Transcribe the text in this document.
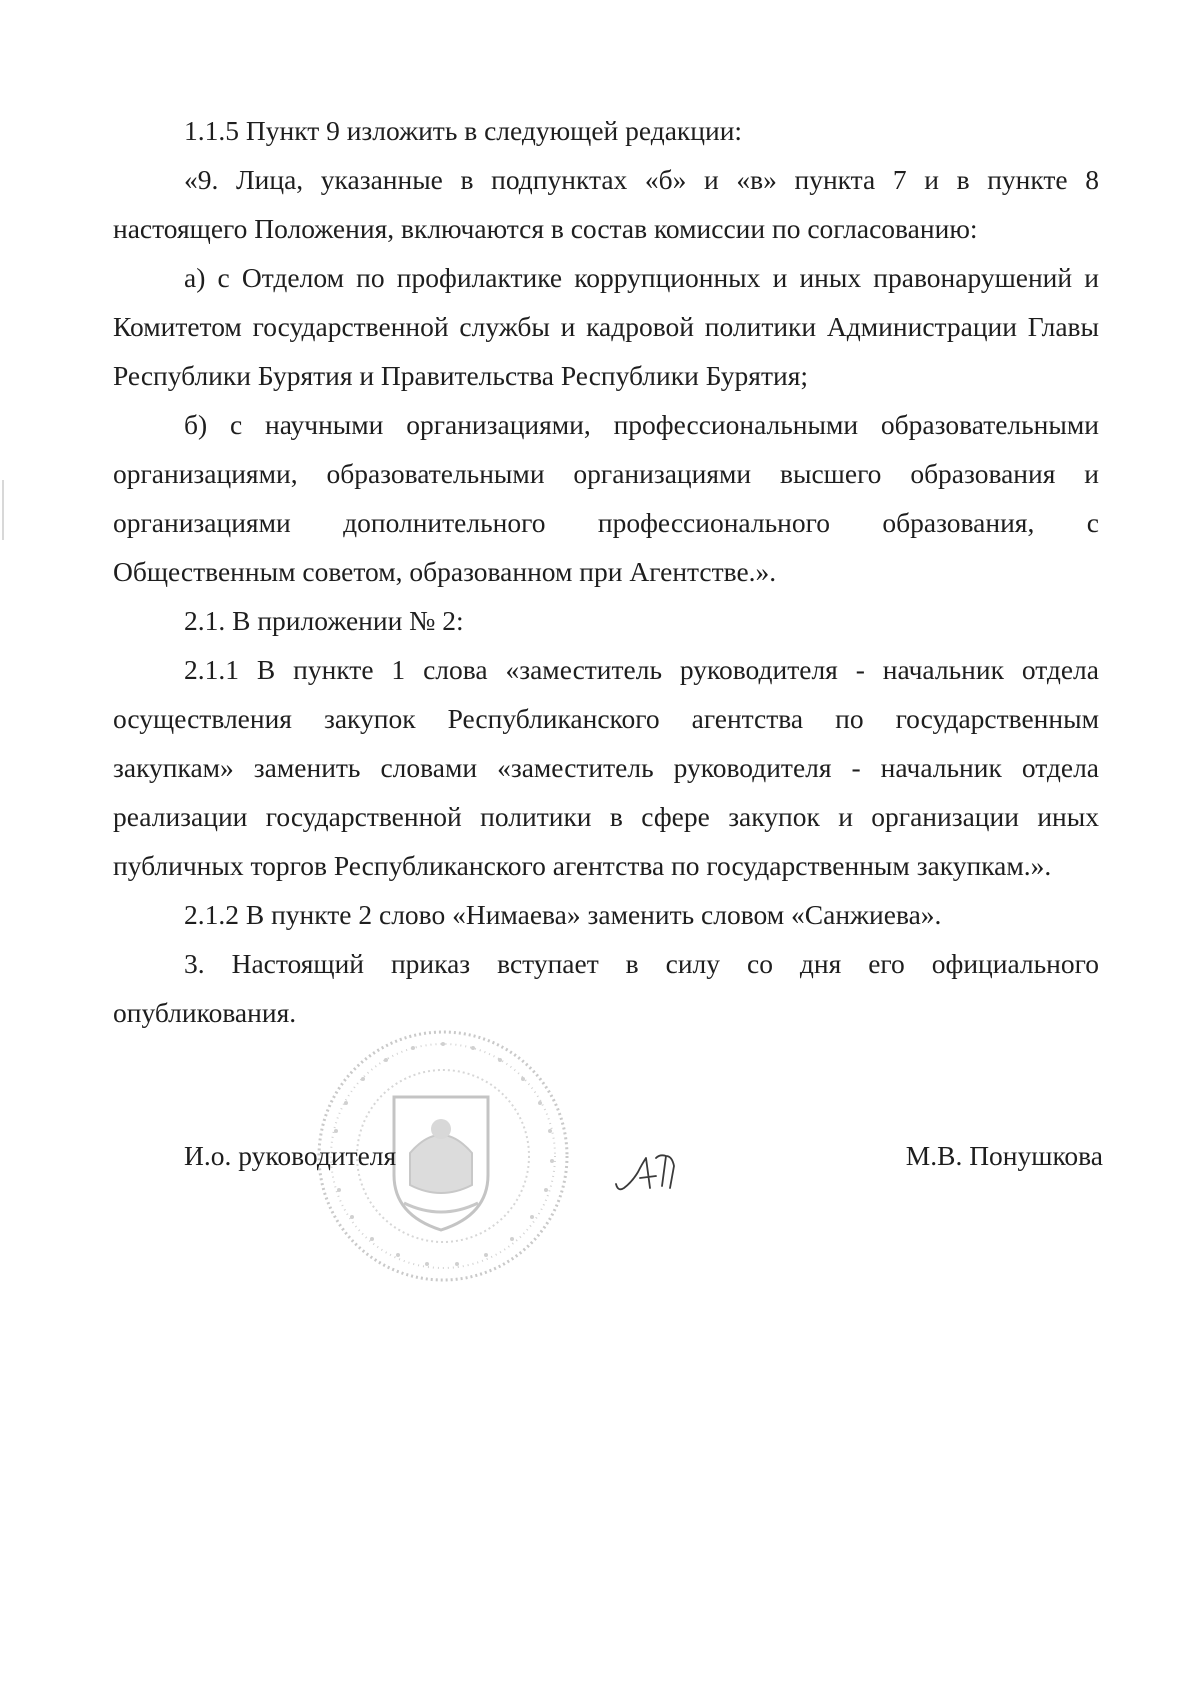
1.1.5 Пункт 9 изложить в следующей редакции:

«9. Лица, указанные в подпунктах «б» и «в» пункта 7 и в пункте 8 настоящего Положения, включаются в состав комиссии по согласованию:

а) с Отделом по профилактике коррупционных и иных правонарушений и Комитетом государственной службы и кадровой политики Администрации Главы Республики Бурятия и Правительства Республики Бурятия;

б) с научными организациями, профессиональными образовательными организациями, образовательными организациями высшего образования и организациями дополнительного профессионального образования, с Общественным советом, образованном при Агентстве.».

2.1. В приложении № 2:

2.1.1 В пункте 1 слова «заместитель руководителя - начальник отдела осуществления закупок Республиканского агентства по государственным закупкам» заменить словами «заместитель руководителя - начальник отдела реализации государственной политики в сфере закупок и организации иных публичных торгов Республиканского агентства по государственным закупкам.».

2.1.2 В пункте 2 слово «Нимаева» заменить словом «Санжиева».

3. Настоящий приказ вступает в силу со дня его официального опубликования.

И.о. руководителя	М.В. Понушкова
